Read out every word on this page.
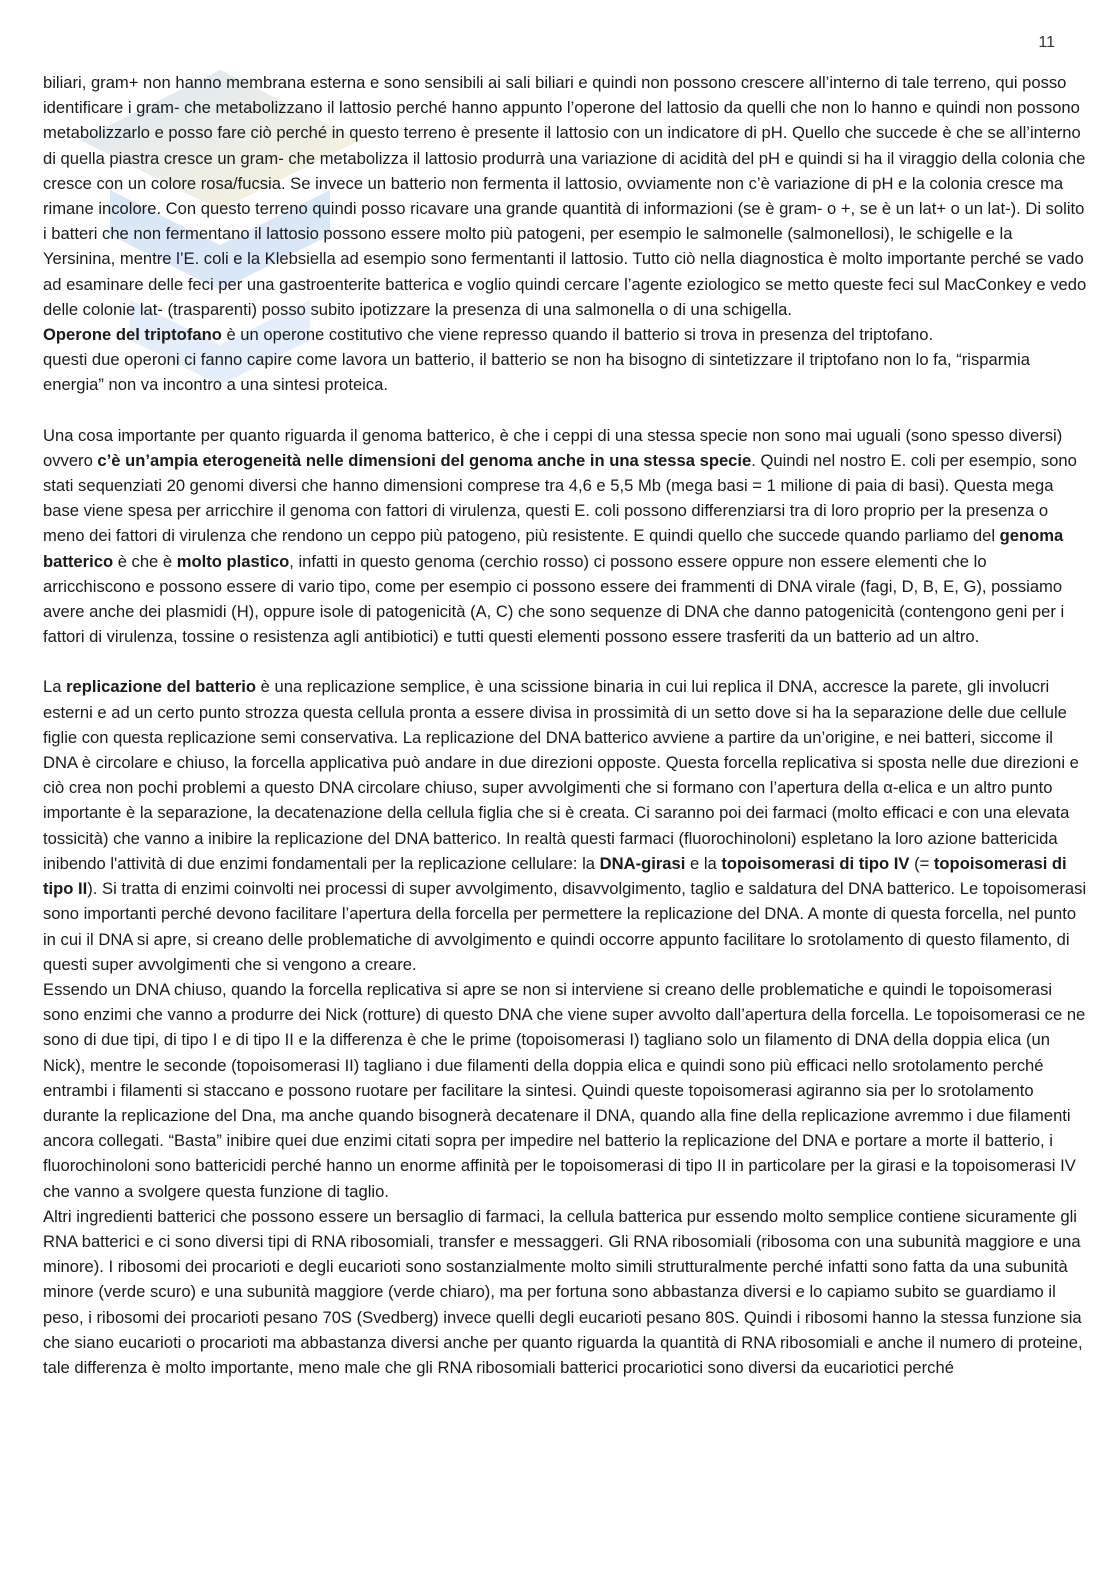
11

biliari, gram+ non hanno membrana esterna e sono sensibili ai sali biliari e quindi non possono crescere all’interno di tale terreno, qui posso identificare i gram- che metabolizzano il lattosio perché hanno appunto l’operone del lattosio da quelli che non lo hanno e quindi non possono metabolizzarlo e posso fare ciò perché in questo terreno è presente il lattosio con un indicatore di pH. Quello che succede è che se all’interno di quella piastra cresce un gram- che metabolizza il lattosio produrrà una variazione di acidità del pH e quindi si ha il viraggio della colonia che cresce con un colore rosa/fucsia. Se invece un batterio non fermenta il lattosio, ovviamente non c’è variazione di pH e la colonia cresce ma rimane incolore. Con questo terreno quindi posso ricavare una grande quantità di informazioni (se è gram- o +, se è un lat+ o un lat-). Di solito i batteri che non fermentano il lattosio possono essere molto più patogeni, per esempio le salmonelle (salmonellosi), le schigelle e la Yersinina, mentre l’E. coli e la Klebsiella ad esempio sono fermentanti il lattosio. Tutto ciò nella diagnostica è molto importante perché se vado ad esaminare delle feci per una gastroenterite batterica e voglio quindi cercare l’agente eziologico se metto queste feci sul MacConkey e vedo delle colonie lat- (trasparenti) posso subito ipotizzare la presenza di una salmonella o di una schigella.

Operone del triptofano è un operone costitutivo che viene represso quando il batterio si trova in presenza del triptofano.

questi due operoni ci fanno capire come lavora un batterio, il batterio se non ha bisogno di sintetizzare il triptofano non lo fa, “risparmia energia” non va incontro a una sintesi proteica.

Una cosa importante per quanto riguarda il genoma batterico, è che i ceppi di una stessa specie non sono mai uguali (sono spesso diversi) ovvero c’è un’ampia eterogeneità nelle dimensioni del genoma anche in una stessa specie. Quindi nel nostro E. coli per esempio, sono stati sequenziati 20 genomi diversi che hanno dimensioni comprese tra 4,6 e 5,5 Mb (mega basi = 1 milione di paia di basi). Questa mega base viene spesa per arricchire il genoma con fattori di virulenza, questi E. coli possono differenziarsi tra di loro proprio per la presenza o meno dei fattori di virulenza che rendono un ceppo più patogeno, più resistente. E quindi quello che succede quando parliamo del genoma batterico è che è molto plastico, infatti in questo genoma (cerchio rosso) ci possono essere oppure non essere elementi che lo arricchiscono e possono essere di vario tipo, come per esempio ci possono essere dei frammenti di DNA virale (fagi, D, B, E, G), possiamo avere anche dei plasmidi (H), oppure isole di patogenicità (A, C) che sono sequenze di DNA che danno patogenicità (contengono geni per i fattori di virulenza, tossine o resistenza agli antibiotici) e tutti questi elementi possono essere trasferiti da un batterio ad un altro.

La replicazione del batterio è una replicazione semplice, è una scissione binaria in cui lui replica il DNA, accresce la parete, gli involucri esterni e ad un certo punto strozza questa cellula pronta a essere divisa in prossimità di un setto dove si ha la separazione delle due cellule figlie con questa replicazione semi conservativa. La replicazione del DNA batterico avviene a partire da un’origine, e nei batteri, siccome il DNA è circolare e chiuso, la forcella applicativa può andare in due direzioni opposte. Questa forcella replicativa si sposta nelle due direzioni e ciò crea non pochi problemi a questo DNA circolare chiuso, super avvolgimenti che si formano con l’apertura della α-elica e un altro punto importante è la separazione, la decatenazione della cellula figlia che si è creata. Ci saranno poi dei farmaci (molto efficaci e con una elevata tossicità) che vanno a inibire la replicazione del DNA batterico. In realtà questi farmaci (fluorochinoloni) espletano la loro azione battericida inibendo l'attività di due enzimi fondamentali per la replicazione cellulare: la DNA-girasi e la topoisomerasi di tipo IV (= topoisomerasi di tipo II). Si tratta di enzimi coinvolti nei processi di super avvolgimento, disavvolgimento, taglio e saldatura del DNA batterico. Le topoisomerasi sono importanti perché devono facilitare l’apertura della forcella per permettere la replicazione del DNA. A monte di questa forcella, nel punto in cui il DNA si apre, si creano delle problematiche di avvolgimento e quindi occorre appunto facilitare lo srotolamento di questo filamento, di questi super avvolgimenti che si vengono a creare.

Essendo un DNA chiuso, quando la forcella replicativa si apre se non si interviene si creano delle problematiche e quindi le topoisomerasi sono enzimi che vanno a produrre dei Nick (rotture) di questo DNA che viene super avvolto dall’apertura della forcella. Le topoisomerasi ce ne sono di due tipi, di tipo I e di tipo II e la differenza è che le prime (topoisomerasi I) tagliano solo un filamento di DNA della doppia elica (un Nick), mentre le seconde (topoisomerasi II) tagliano i due filamenti della doppia elica e quindi sono più efficaci nello srotolamento perché entrambi i filamenti si staccano e possono ruotare per facilitare la sintesi. Quindi queste topoisomerasi agiranno sia per lo srotolamento durante la replicazione del Dna, ma anche quando bisognerà decatenare il DNA, quando alla fine della replicazione avremmo i due filamenti ancora collegati. “Basta” inibire quei due enzimi citati sopra per impedire nel batterio la replicazione del DNA e portare a morte il batterio, i fluorochinoloni sono battericidi perché hanno un enorme affinità per le topoisomerasi di tipo II in particolare per la girasi e la topoisomerasi IV che vanno a svolgere questa funzione di taglio.

Altri ingredienti batterici che possono essere un bersaglio di farmaci, la cellula batterica pur essendo molto semplice contiene sicuramente gli RNA batterici e ci sono diversi tipi di RNA ribosomiali, transfer e messaggeri. Gli RNA ribosomiali (ribosoma con una subunità maggiore e una minore). I ribosomi dei procarioti e degli eucarioti sono sostanzialmente molto simili strutturalmente perché infatti sono fatta da una subunità minore (verde scuro) e una subunità maggiore (verde chiaro), ma per fortuna sono abbastanza diversi e lo capiamo subito se guardiamo il peso, i ribosomi dei procarioti pesano 70S (Svedberg) invece quelli degli eucarioti pesano 80S. Quindi i ribosomi hanno la stessa funzione sia che siano eucarioti o procarioti ma abbastanza diversi anche per quanto riguarda la quantità di RNA ribosomiali e anche il numero di proteine, tale differenza è molto importante, meno male che gli RNA ribosomiali batterici procariotici sono diversi da eucariotici perché
